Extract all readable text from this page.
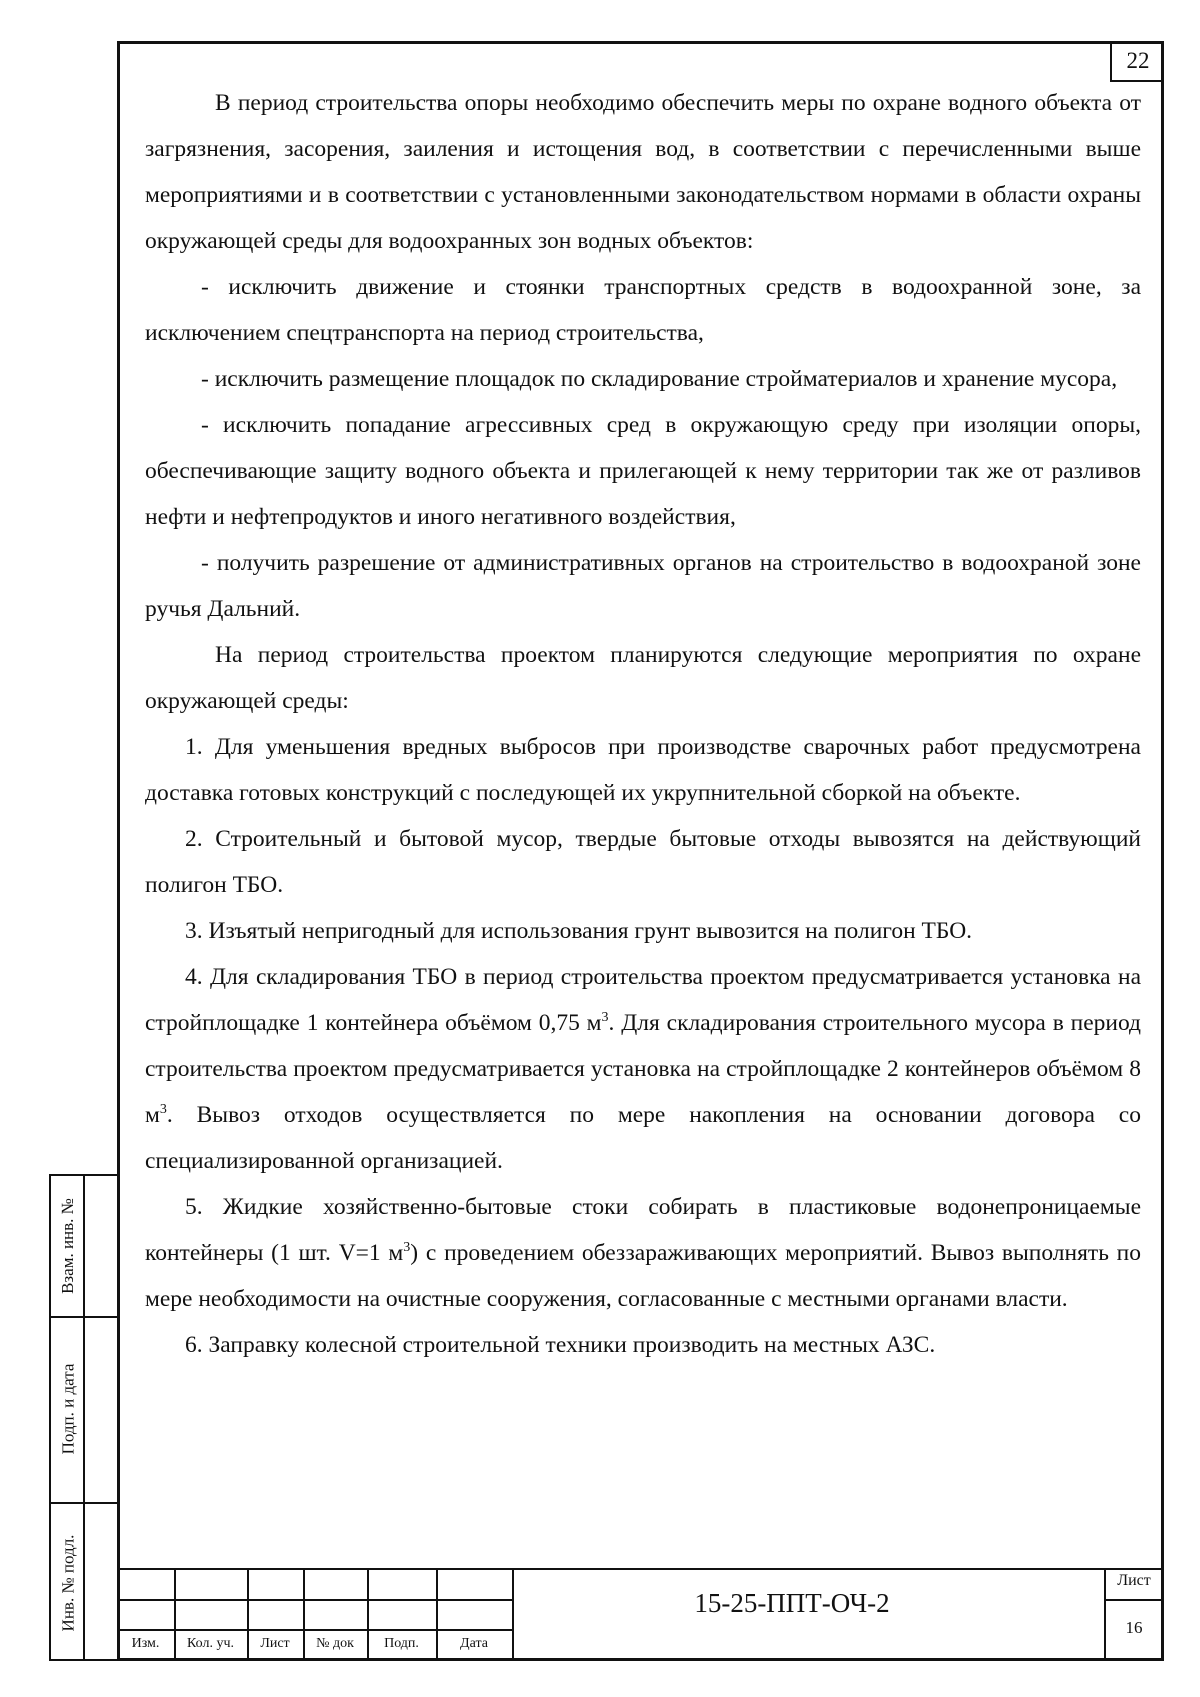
22

В период строительства опоры необходимо обеспечить меры по охране водного объекта от загрязнения, засорения, заиления и истощения вод, в соответствии с перечисленными выше мероприятиями и в соответствии с установленными законодательством нормами в области охраны окружающей среды для водоохранных зон водных объектов:

- исключить движение и стоянки транспортных средств в водоохранной зоне, за исключением спецтранспорта на период строительства,

- исключить размещение площадок по складирование стройматериалов и хранение мусора,

- исключить попадание агрессивных сред в окружающую среду при изоляции опоры, обеспечивающие защиту водного объекта и прилегающей к нему территории так же от разливов нефти и нефтепродуктов и иного негативного воздействия,

- получить разрешение от административных органов на строительство в водоохраной зоне ручья Дальний.

На период строительства проектом планируются следующие мероприятия по охране окружающей среды:

1. Для уменьшения вредных выбросов при производстве сварочных работ предусмотрена доставка готовых конструкций с последующей их укрупнительной сборкой на объекте.

2. Строительный и бытовой мусор, твердые бытовые отходы вывозятся на действующий полигон ТБО.

3. Изъятый непригодный для использования грунт вывозится на полигон ТБО.

4. Для складирования ТБО в период строительства проектом предусматривается установка на стройплощадке 1 контейнера объёмом 0,75 $м^3$. Для складирования строительного мусора в период строительства проектом предусматривается установка на стройплощадке 2 контейнеров объёмом 8 $м^3$. Вывоз отходов осуществляется по мере накопления на основании договора со специализированной организацией.

5. Жидкие хозяйственно-бытовые стоки собирать в пластиковые водонепроницаемые контейнеры (1 шт. V=1 $м^3$) с проведением обеззараживающих мероприятий. Вывоз выполнять по мере необходимости на очистные сооружения, согласованные с местными органами власти.

6. Заправку колесной строительной техники производить на местных АЗС.

Взам. инв. №
Подп. и дата
Инв. № подл.
Изм.	Кол. уч.	Лист	№ док	Подп.	Дата
15-25-ППТ-ОЧ-2
Лист
16
